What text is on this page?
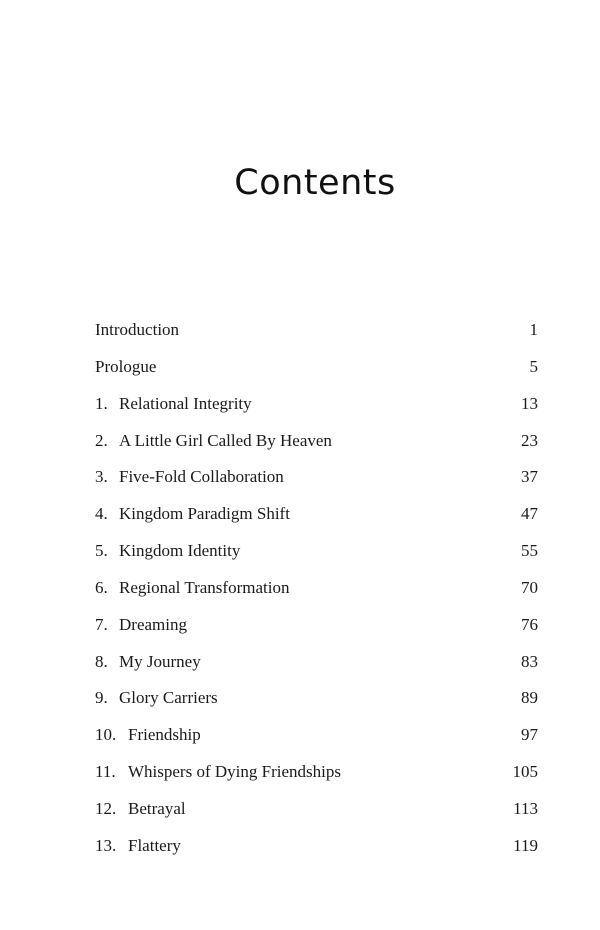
Contents
Introduction	1
Prologue	5
1. Relational Integrity	13
2. A Little Girl Called By Heaven	23
3. Five-Fold Collaboration	37
4. Kingdom Paradigm Shift	47
5. Kingdom Identity	55
6. Regional Transformation	70
7. Dreaming	76
8. My Journey	83
9. Glory Carriers	89
10. Friendship	97
11. Whispers of Dying Friendships	105
12. Betrayal	113
13. Flattery	119
